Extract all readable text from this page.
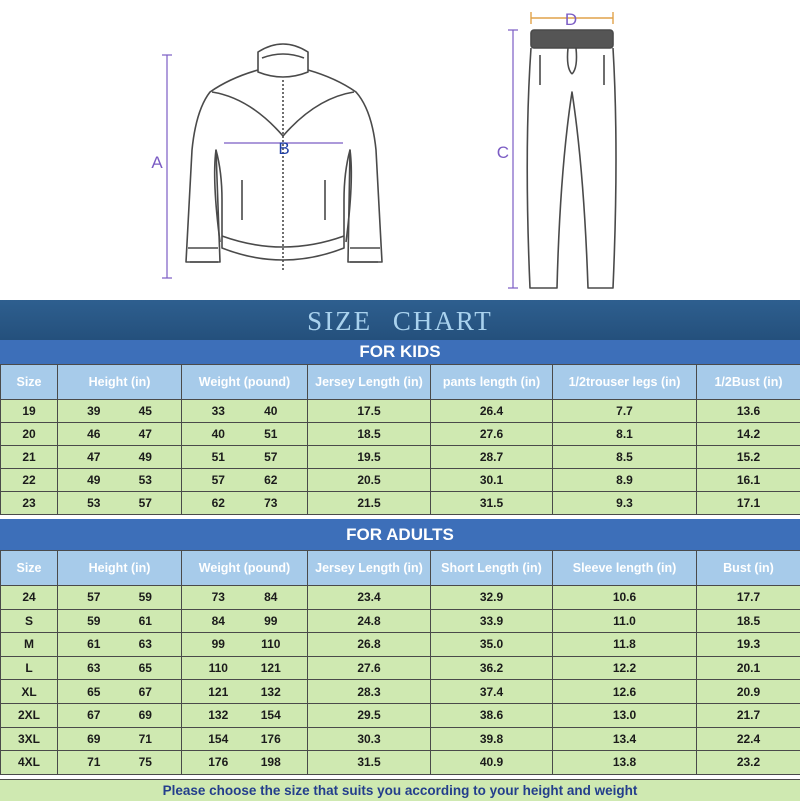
A
B	C
D
SIZE CHART
FOR KIDS
Size	Height (in)	Weight (pound)	Jersey Length (in)	pants length (in)	1/2trouser legs (in)	1/2Bust (in)
19	39 45	33 40	17.5	26.4	7.7	13.6
20	46 47	40 51	18.5	27.6	8.1	14.2
21	47 49	51 57	19.5	28.7	8.5	15.2
22	49 53	57 62	20.5	30.1	8.9	16.1
23	53 57	62 73	21.5	31.5	9.3	17.1
FOR ADULTS
Size	Height (in)	Weight (pound)	Jersey Length (in)	Short Length (in)	Sleeve length (in)	Bust (in)
24	57 59	73 84	23.4	32.9	10.6	17.7
S	59 61	84 99	24.8	33.9	11.0	18.5
M	61 63	99 110	26.8	35.0	11.8	19.3
L	63 65	110 121	27.6	36.2	12.2	20.1
XL	65 67	121 132	28.3	37.4	12.6	20.9
2XL	67 69	132 154	29.5	38.6	13.0	21.7
3XL	69 71	154 176	30.3	39.8	13.4	22.4
4XL	71 75	176 198	31.5	40.9	13.8	23.2
Please choose the size that suits you according to your height and weight
